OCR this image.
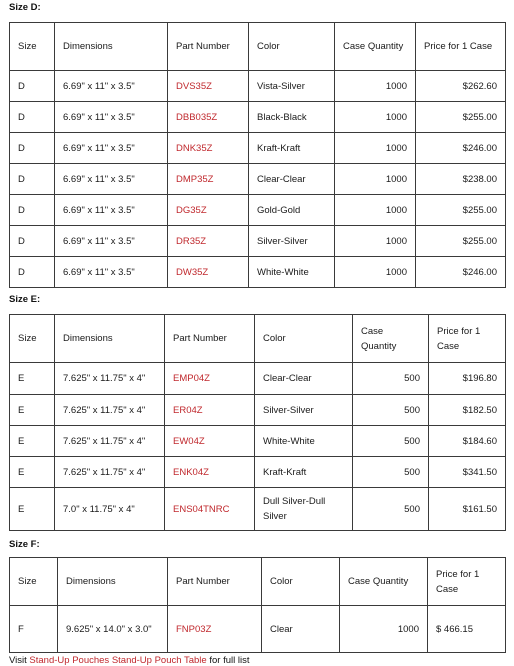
Size D:
Size	Dimensions	Part Number	Color	Case Quantity	Price for 1 Case
D	6.69" x 11" x 3.5"	DVS35Z	Vista-Silver	1000	$262.60
D	6.69" x 11" x 3.5"	DBB035Z	Black-Black	1000	$255.00
D	6.69" x 11" x 3.5"	DNK35Z	Kraft-Kraft	1000	$246.00
D	6.69" x 11" x 3.5"	DMP35Z	Clear-Clear	1000	$238.00
D	6.69" x 11" x 3.5"	DG35Z	Gold-Gold	1000	$255.00
D	6.69" x 11" x 3.5"	DR35Z	Silver-Silver	1000	$255.00
D	6.69" x 11" x 3.5"	DW35Z	White-White	1000	$246.00
Size E:
Size	Dimensions	Part Number	Color	Case Quantity	Price for 1 Case
E	7.625" x 11.75" x 4"	EMP04Z	Clear-Clear	500	$196.80
E	7.625" x 11.75" x 4"	ER04Z	Silver-Silver	500	$182.50
E	7.625" x 11.75" x 4"	EW04Z	White-White	500	$184.60
E	7.625" x 11.75" x 4"	ENK04Z	Kraft-Kraft	500	$341.50
E	7.0" x 11.75" x 4"	ENS04TNRC	Dull Silver-Dull Silver	500	$161.50
Size F:
Size	Dimensions	Part Number	Color	Case Quantity	Price for 1 Case
F	9.625" x 14.0" x 3.0"	FNP03Z	Clear	1000	$ 466.15
Visit Stand-Up Pouches Stand-Up Pouch Table for full list
